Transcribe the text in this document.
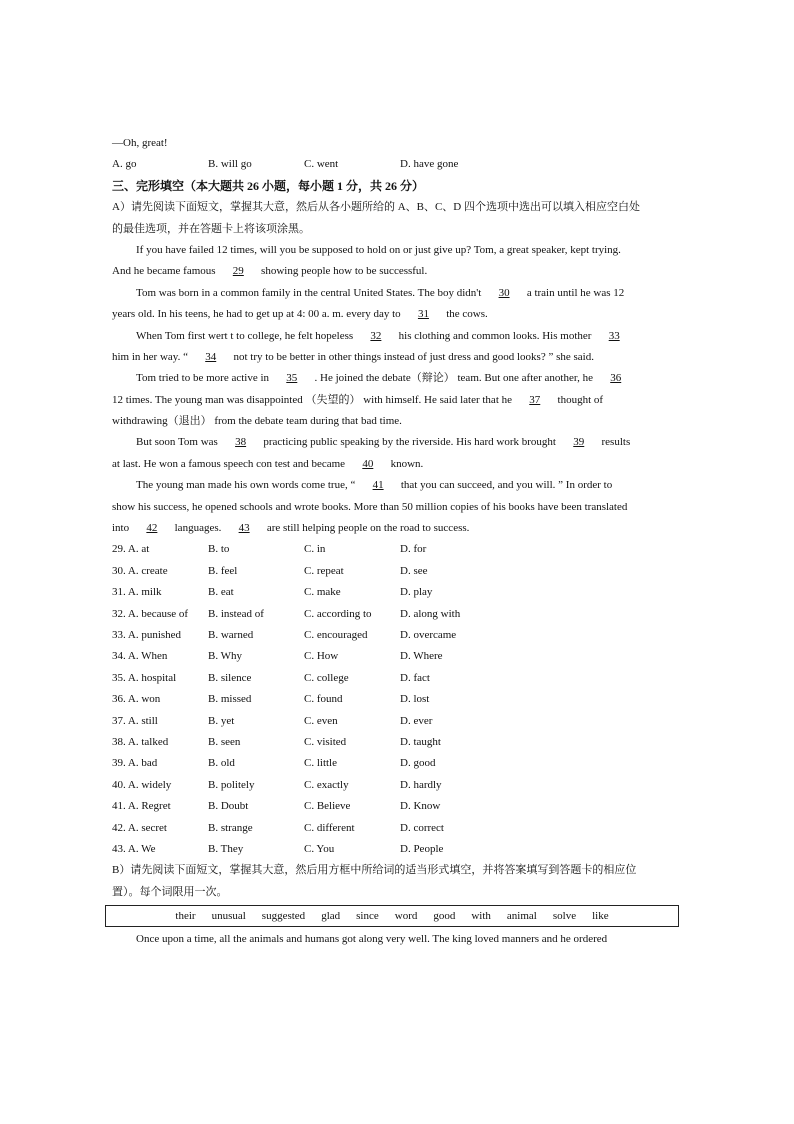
—Oh, great!
A. go	B. will go	C. went	D. have gone
三、完形填空（本大题共 26 小题，每小题 1 分，共 26 分）
A）请先阅读下面短文，掌握其大意，然后从各小题所给的 A、B、C、D 四个选项中选出可以填入相应空白处
的最佳选项，并在答题卡上将该项涂黑。
If you have failed 12 times, will you be supposed to hold on or just give up? Tom, a great speaker, kept trying.
And he became famous 29 showing people how to be successful.
Tom was born in a common family in the central United States. The boy didn't 30 a train until he was 12
years old. In his teens, he had to get up at 4: 00 a. m. every day to 31 the cows.
When Tom first wert t to college, he felt hopeless 32 his clothing and common looks. His mother 33
him in her way. “ 34 not try to be better in other things instead of just dress and good looks? ” she said.
Tom tried to be more active in 35 . He joined the debate（辩论） team. But one after another, he 36
12 times. The young man was disappointed （失望的） with himself. He said later that he 37 thought of
withdrawing（退出） from the debate team during that bad time.
But soon Tom was 38 practicing public speaking by the riverside. His hard work brought 39 results
at last. He won a famous speech con test and became 40 known.
The young man made his own words come true, “ 41 that you can succeed, and you will. ” In order to
show his success, he opened schools and wrote books. More than 50 million copies of his books have been translated
into 42 languages. 43 are still helping people on the road to success.
29. A. at	B. to	C. in	D. for
30. A. create	B. feel	C. repeat	D. see
31. A. milk	B. eat	C. make	D. play
32. A. because of	B. instead of	C. according to	D. along with
33. A. punished	B. warned	C. encouraged	D. overcame
34. A. When	B. Why	C. How	D. Where
35. A. hospital	B. silence	C. college	D. fact
36. A. won	B. missed	C. found	D. lost
37. A. still	B. yet	C. even	D. ever
38. A. talked	B. seen	C. visited	D. taught
39. A. bad	B. old	C. little	D. good
40. A. widely	B. politely	C. exactly	D. hardly
41. A. Regret	B. Doubt	C. Believe	D. Know
42. A. secret	B. strange	C. different	D. correct
43. A. We	B. They	C. You	D. People
B）请先阅读下面短文，掌握其大意，然后用方框中所给词的适当形式填空，并将答案填写到答题卡的相应位
置）。每个词限用一次。
their	unusual	suggested	glad	since	word	good	with	animal	solve	like
Once upon a time, all the animals and humans got along very well. The king loved manners and he ordered
